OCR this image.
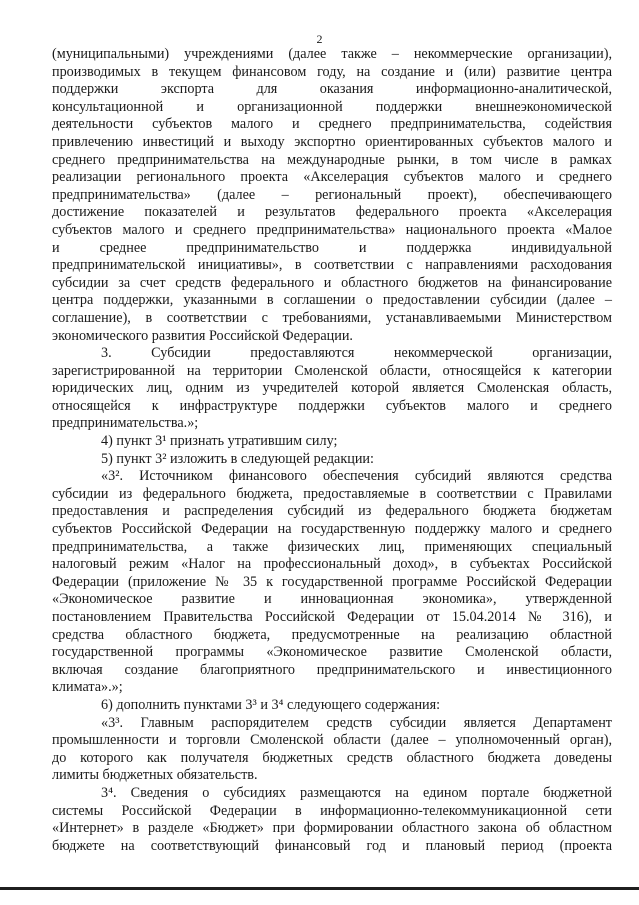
2
(муниципальными) учреждениями (далее также – некоммерческие организации),
производимых в текущем финансовом году, на создание и (или) развитие центра
поддержки экспорта для оказания информационно-аналитической,
консультационной и организационной поддержки внешнеэкономической
деятельности субъектов малого и среднего предпринимательства, содействия
привлечению инвестиций и выходу экспортно ориентированных субъектов малого и
среднего предпринимательства на международные рынки, в том числе в рамках
реализации регионального проекта «Акселерация субъектов малого и среднего
предпринимательства» (далее – региональный проект), обеспечивающего
достижение показателей и результатов федерального проекта «Акселерация
субъектов малого и среднего предпринимательства» национального проекта «Малое
и среднее предпринимательство и поддержка индивидуальной
предпринимательской инициативы», в соответствии с направлениями расходования
субсидии за счет средств федерального и областного бюджетов на финансирование
центра поддержки, указанными в соглашении о предоставлении субсидии (далее –
соглашение), в соответствии с требованиями, устанавливаемыми Министерством
экономического развития Российской Федерации.
3. Субсидии предоставляются некоммерческой организации,
зарегистрированной на территории Смоленской области, относящейся к категории
юридических лиц, одним из учредителей которой является Смоленская область,
относящейся к инфраструктуре поддержки субъектов малого и среднего
предпринимательства.»;
4) пункт 3¹ признать утратившим силу;
5) пункт 3² изложить в следующей редакции:
«3². Источником финансового обеспечения субсидий являются средства
субсидии из федерального бюджета, предоставляемые в соответствии с Правилами
предоставления и распределения субсидий из федерального бюджета бюджетам
субъектов Российской Федерации на государственную поддержку малого и среднего
предпринимательства, а также физических лиц, применяющих специальный
налоговый режим «Налог на профессиональный доход», в субъектах Российской
Федерации (приложение № 35 к государственной программе Российской Федерации
«Экономическое развитие и инновационная экономика», утвержденной
постановлением Правительства Российской Федерации от 15.04.2014 № 316), и
средства областного бюджета, предусмотренные на реализацию областной
государственной программы «Экономическое развитие Смоленской области,
включая создание благоприятного предпринимательского и инвестиционного
климата».»;
6) дополнить пунктами 3³ и 3⁴ следующего содержания:
«3³. Главным распорядителем средств субсидии является Департамент
промышленности и торговли Смоленской области (далее – уполномоченный орган),
до которого как получателя бюджетных средств областного бюджета доведены
лимиты бюджетных обязательств.
3⁴. Сведения о субсидиях размещаются на едином портале бюджетной
системы Российской Федерации в информационно-телекоммуникационной сети
«Интернет» в разделе «Бюджет» при формировании областного закона об областном
бюджете на соответствующий финансовый год и плановый период (проекта
